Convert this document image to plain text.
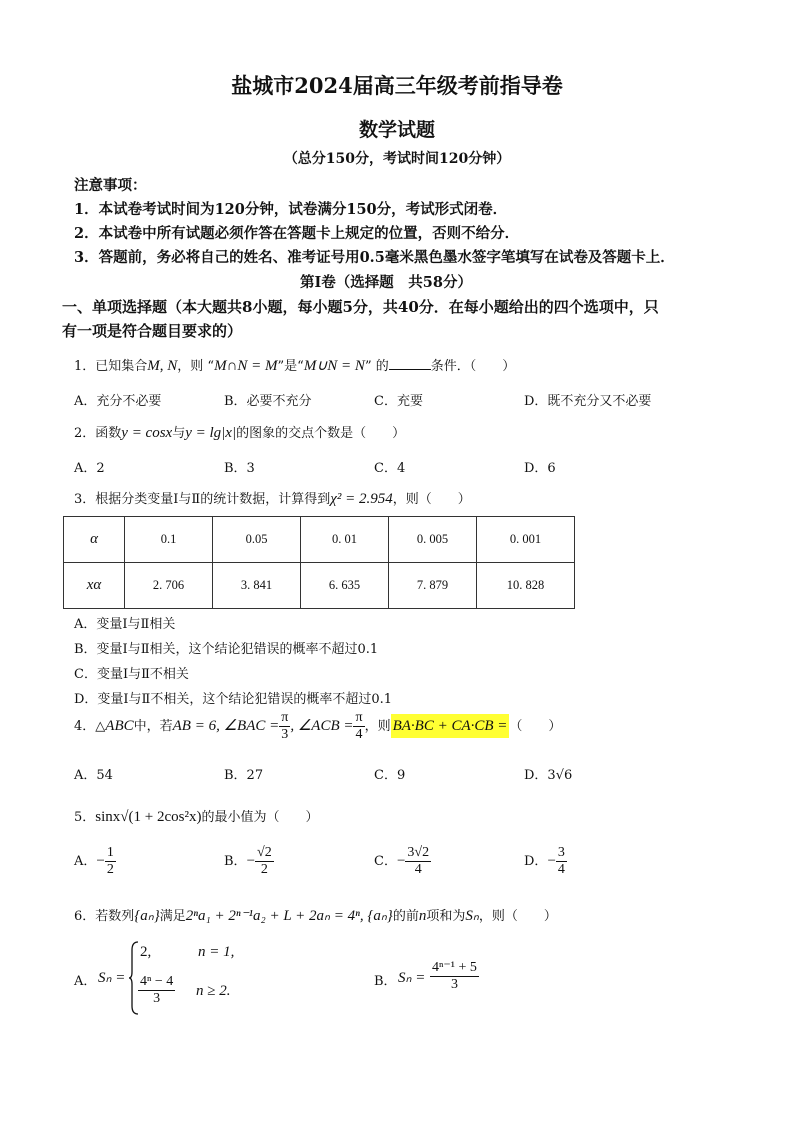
盐城市2024届高三年级考前指导卷
数学试题
（总分150分，考试时间120分钟）
注意事项：
1．本试卷考试时间为120分钟，试卷满分150分，考试形式闭卷．
2．本试卷中所有试题必须作答在答题卡上规定的位置，否则不给分．
3．答题前，务必将自己的姓名、准考证号用0.5毫米黑色墨水签字笔填写在试卷及答题卡上．
第Ⅰ卷（选择题　共58分）
一、单项选择题（本大题共8小题，每小题5分，共40分．在每小题给出的四个选项中，只
有一项是符合题目要求的）
1．已知集合M, N，则 “M∩N = M”是“M∪N = N” 的	条件．（　　）
A．充分不必要	B．必要不充分	C．充要	D．既不充分又不必要
2．函数y = cosx与y = lg|x|的图象的交点个数是（　　）
A．2	B．3	C．4	D．6
3．根据分类变量Ⅰ与Ⅱ的统计数据，计算得到χ² = 2.954，则（　　）
α	0.1	0.05	0. 01	0. 005	0. 001
xα	2. 706	3. 841	6. 635	7. 879	10. 828
A．变量Ⅰ与Ⅱ相关
B．变量Ⅰ与Ⅱ相关，这个结论犯错误的概率不超过0.1
C．变量Ⅰ与Ⅱ不相关
D．变量Ⅰ与Ⅱ不相关，这个结论犯错误的概率不超过0.1
4．△ABC中，若AB = 6, ∠BAC = $\frac{\pi}{3}$ , ∠ACB = $\frac{\pi}{4}$ ，则 BA·BC + CA·CB = （　　）
A．54	B．27	C．9	D．3√6
5．sinx√(1 + 2cos²x)的最小值为（　　）
A．− $\frac{1}{2}$	B．− $\frac{√2}{2}$	C．− $\frac{3√2}{4}$	D．− $\frac{3}{4}$
6．若数列{aₙ}满足2ⁿa₁ + 2ⁿ⁻¹a₂ + L + 2aₙ = 4ⁿ, {aₙ}的前n项和为Sₙ，则（　　）
A． Sₙ =
2,	n = 1,
$\frac{\text{4ⁿ − 4}}{3}$ n ≥ 2.
B． $S_n = \frac{\text{4ⁿ⁻¹ + 5}}{3}$
